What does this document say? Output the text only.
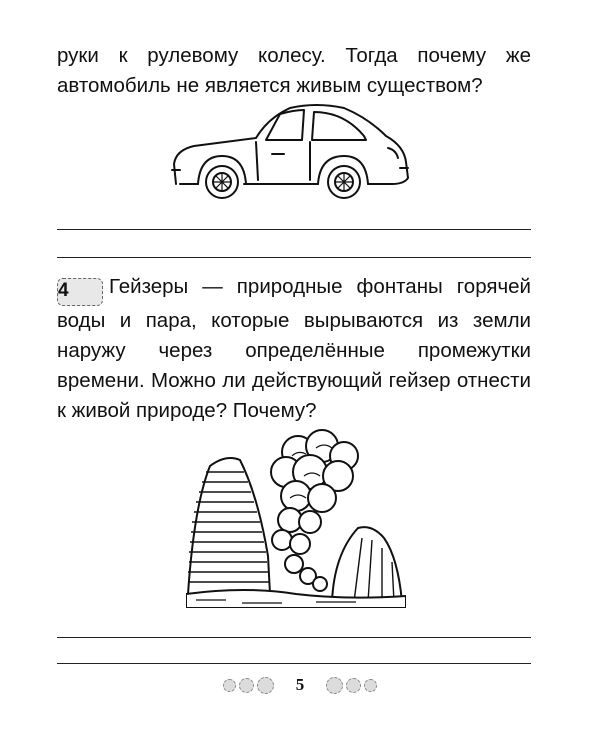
руки к рулевому колесу. Тогда почему же автомобиль не является живым существом?

4 Гейзеры — природные фонтаны горячей воды и пара, которые вырываются из земли наружу через определённые промежутки времени. Можно ли действующий гейзер отнести к живой природе? Почему?

5
